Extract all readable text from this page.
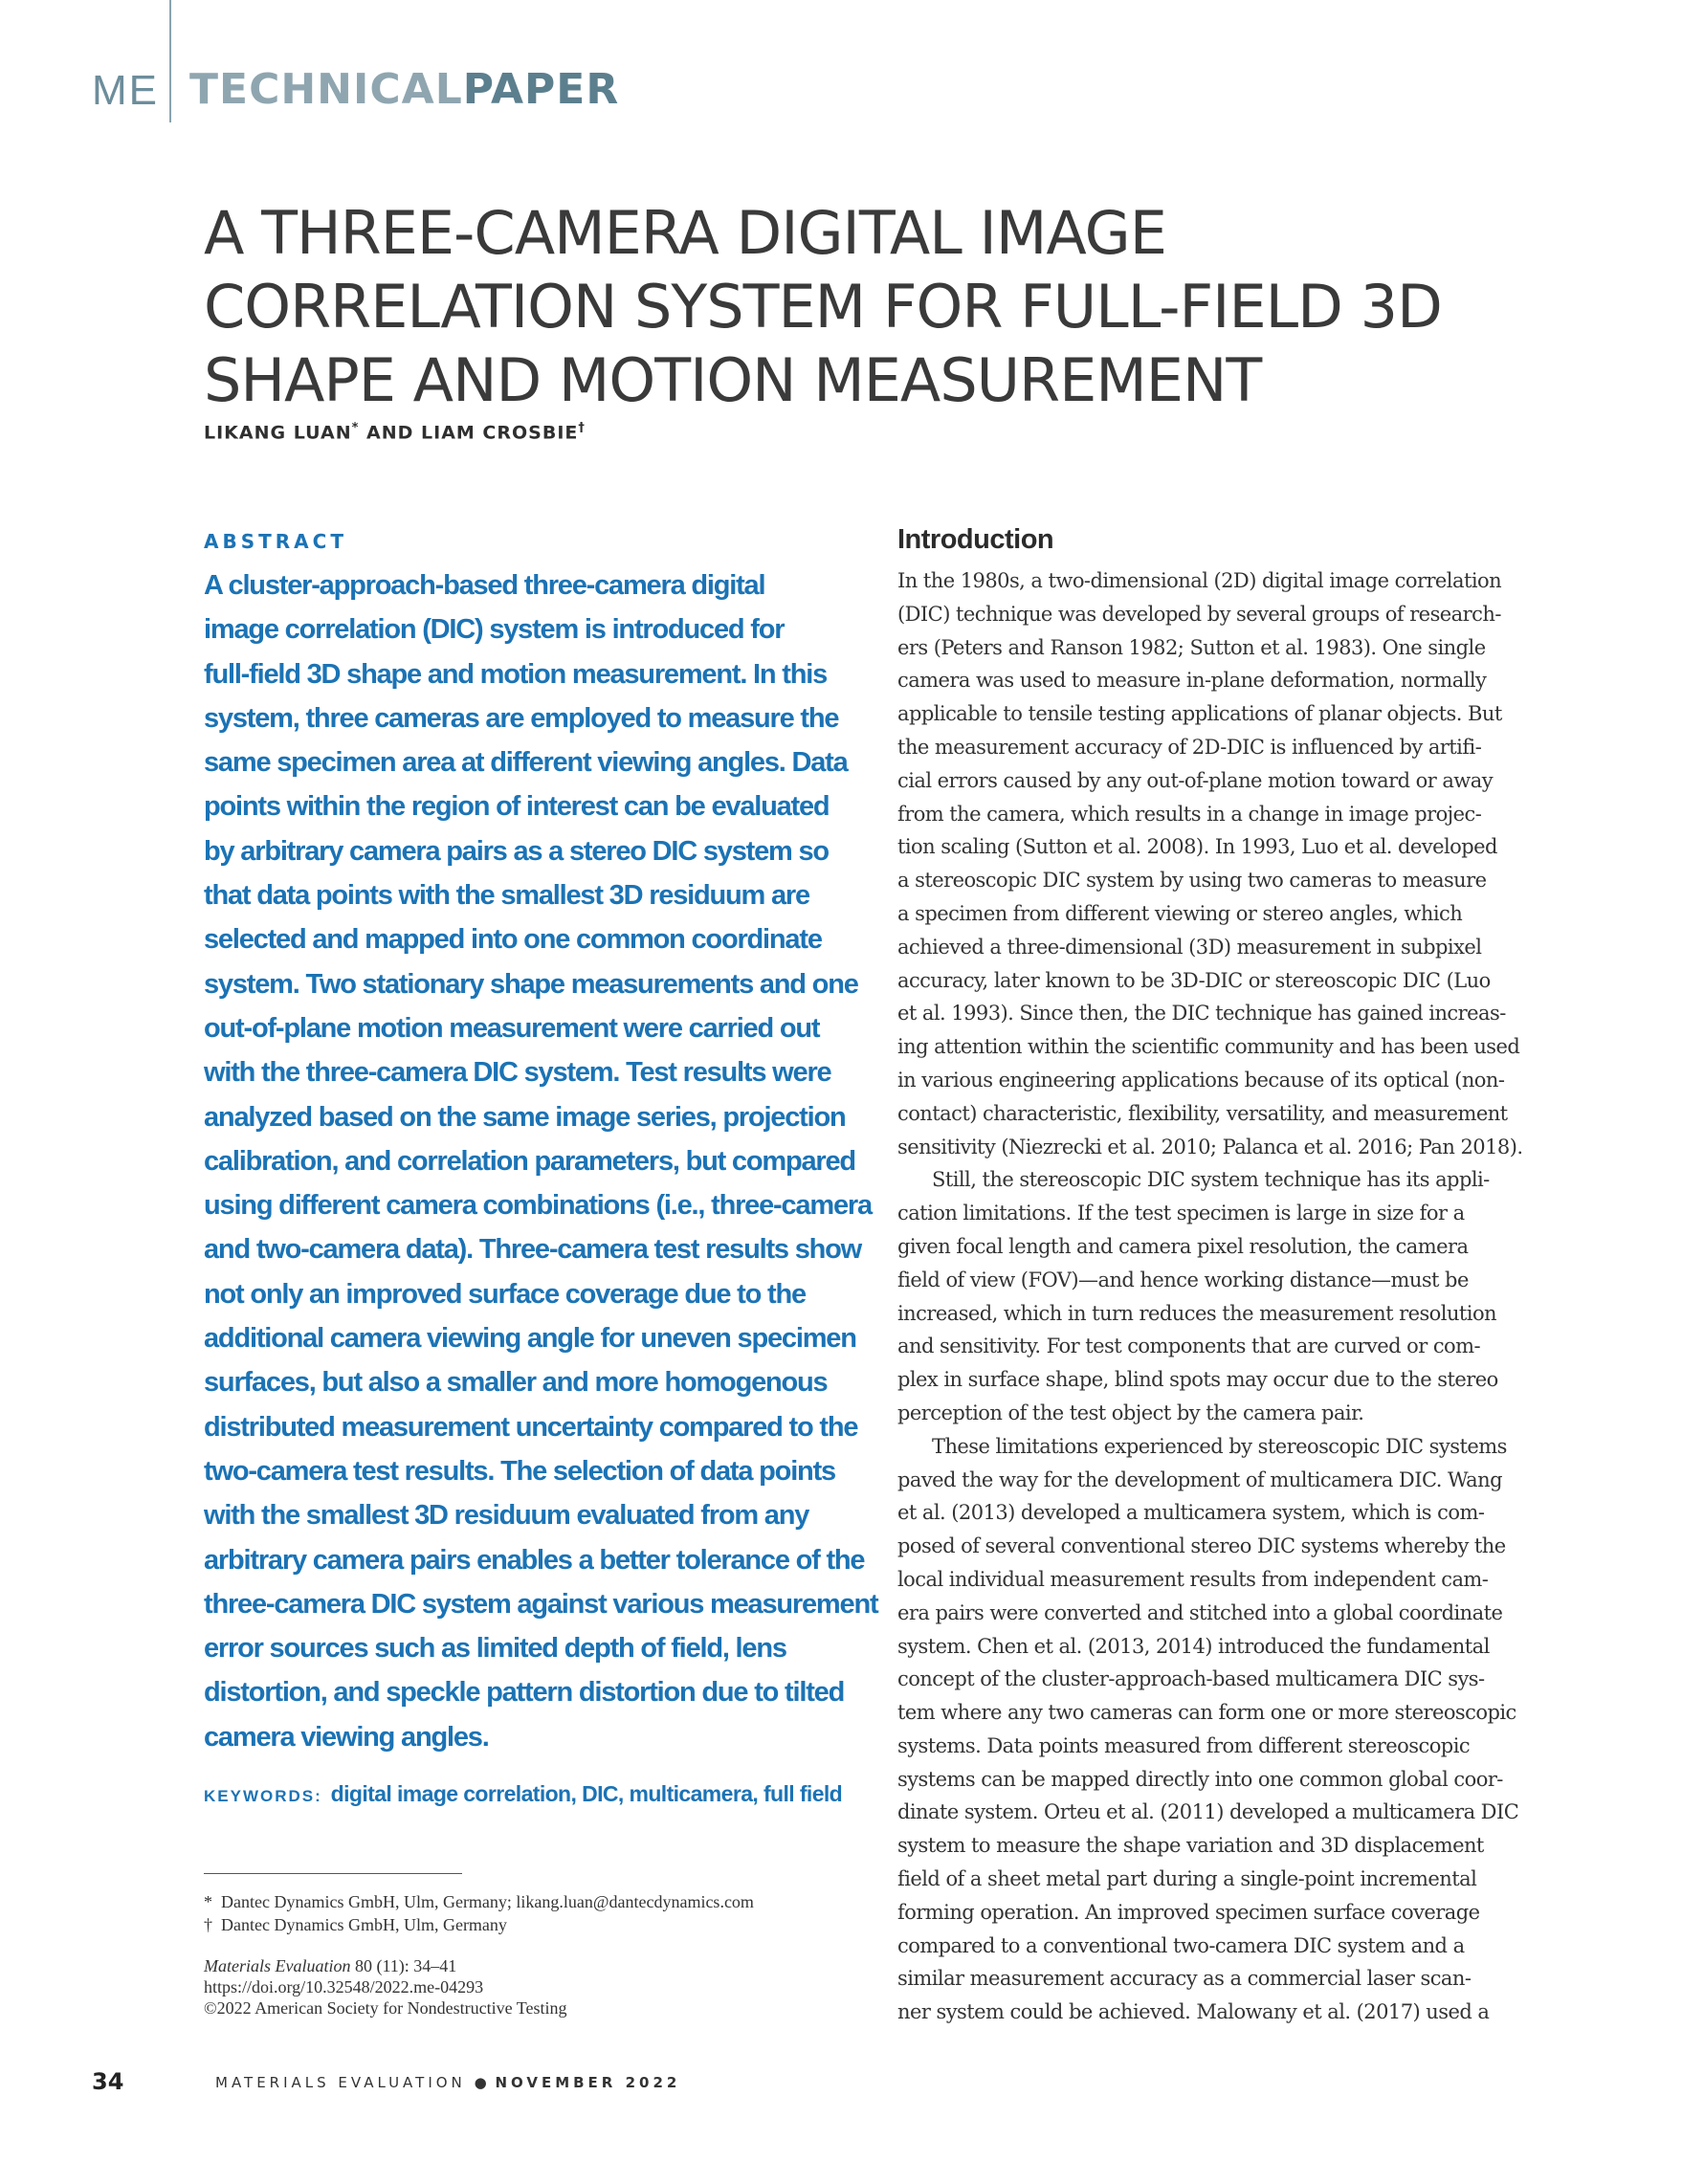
ME TECHNICALPAPER
A THREE-CAMERA DIGITAL IMAGE
CORRELATION SYSTEM FOR FULL-FIELD 3D
SHAPE AND MOTION MEASUREMENT
LIKANG LUAN* AND LIAM CROSBIE†
ABSTRACT
A cluster-approach-based three-camera digital
image correlation (DIC) system is introduced for
full-field 3D shape and motion measurement. In this
system, three cameras are employed to measure the
same specimen area at different viewing angles. Data
points within the region of interest can be evaluated
by arbitrary camera pairs as a stereo DIC system so
that data points with the smallest 3D residuum are
selected and mapped into one common coordinate
system. Two stationary shape measurements and one
out-of-plane motion measurement were carried out
with the three-camera DIC system. Test results were
analyzed based on the same image series, projection
calibration, and correlation parameters, but compared
using different camera combinations (i.e., three-camera
and two-camera data). Three-camera test results show
not only an improved surface coverage due to the
additional camera viewing angle for uneven specimen
surfaces, but also a smaller and more homogenous
distributed measurement uncertainty compared to the
two-camera test results. The selection of data points
with the smallest 3D residuum evaluated from any
arbitrary camera pairs enables a better tolerance of the
three-camera DIC system against various measurement
error sources such as limited depth of field, lens
distortion, and speckle pattern distortion due to tilted
camera viewing angles.
KEYWORDS: digital image correlation, DIC, multicamera, full field
*  Dantec Dynamics GmbH, Ulm, Germany; likang.luan@dantecdynamics.com
†  Dantec Dynamics GmbH, Ulm, Germany
Materials Evaluation 80 (11): 34–41
https://doi.org/10.32548/2022.me-04293
©2022 American Society for Nondestructive Testing
Introduction
In the 1980s, a two-dimensional (2D) digital image correlation
(DIC) technique was developed by several groups of research-
ers (Peters and Ranson 1982; Sutton et al. 1983). One single
camera was used to measure in-plane deformation, normally
applicable to tensile testing applications of planar objects. But
the measurement accuracy of 2D-DIC is influenced by artifi-
cial errors caused by any out-of-plane motion toward or away
from the camera, which results in a change in image projec-
tion scaling (Sutton et al. 2008). In 1993, Luo et al. developed
a stereoscopic DIC system by using two cameras to measure
a specimen from different viewing or stereo angles, which
achieved a three-dimensional (3D) measurement in subpixel
accuracy, later known to be 3D-DIC or stereoscopic DIC (Luo
et al. 1993). Since then, the DIC technique has gained increas-
ing attention within the scientific community and has been used
in various engineering applications because of its optical (non-
contact) characteristic, flexibility, versatility, and measurement
sensitivity (Niezrecki et al. 2010; Palanca et al. 2016; Pan 2018).
Still, the stereoscopic DIC system technique has its appli-
cation limitations. If the test specimen is large in size for a
given focal length and camera pixel resolution, the camera
field of view (FOV)—and hence working distance—must be
increased, which in turn reduces the measurement resolution
and sensitivity. For test components that are curved or com-
plex in surface shape, blind spots may occur due to the stereo
perception of the test object by the camera pair.
These limitations experienced by stereoscopic DIC systems
paved the way for the development of multicamera DIC. Wang
et al. (2013) developed a multicamera system, which is com-
posed of several conventional stereo DIC systems whereby the
local individual measurement results from independent cam-
era pairs were converted and stitched into a global coordinate
system. Chen et al. (2013, 2014) introduced the fundamental
concept of the cluster-approach-based multicamera DIC sys-
tem where any two cameras can form one or more stereoscopic
systems. Data points measured from different stereoscopic
systems can be mapped directly into one common global coor-
dinate system. Orteu et al. (2011) developed a multicamera DIC
system to measure the shape variation and 3D displacement
field of a sheet metal part during a single-point incremental
forming operation. An improved specimen surface coverage
compared to a conventional two-camera DIC system and a
similar measurement accuracy as a commercial laser scan-
ner system could be achieved. Malowany et al. (2017) used a
34	MATERIALS EVALUATION ● NOVEMBER 2022
